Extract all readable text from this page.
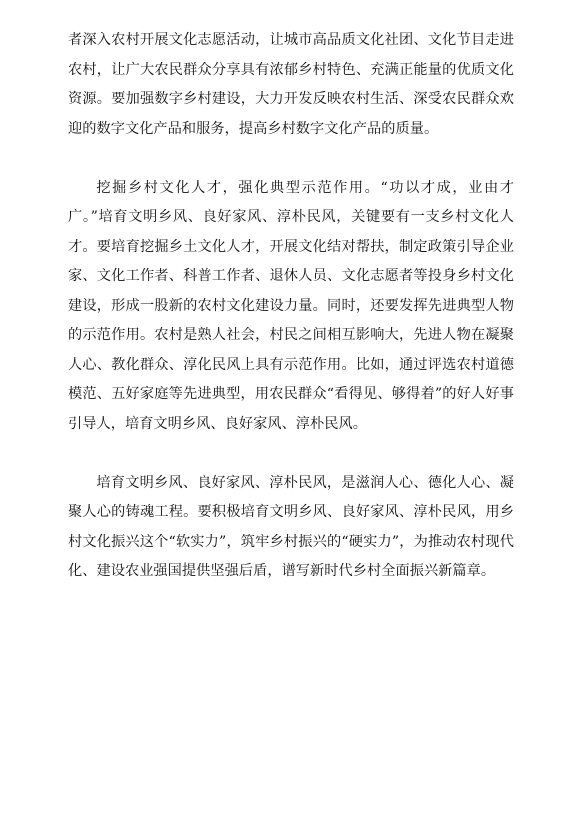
者深入农村开展文化志愿活动，让城市高品质文化社团、文化节目走进农村，让广大农民群众分享具有浓郁乡村特色、充满正能量的优质文化资源。要加强数字乡村建设，大力开发反映农村生活、深受农民群众欢迎的数字文化产品和服务，提高乡村数字文化产品的质量。

挖掘乡村文化人才，强化典型示范作用。“功以才成，业由才广。”培育文明乡风、良好家风、淳朴民风，关键要有一支乡村文化人才。要培育挖掘乡土文化人才，开展文化结对帮扶，制定政策引导企业家、文化工作者、科普工作者、退休人员、文化志愿者等投身乡村文化建设，形成一股新的农村文化建设力量。同时，还要发挥先进典型人物的示范作用。农村是熟人社会，村民之间相互影响大，先进人物在凝聚人心、教化群众、淳化民风上具有示范作用。比如，通过评选农村道德模范、五好家庭等先进典型，用农民群众“看得见、够得着”的好人好事引导人，培育文明乡风、良好家风、淳朴民风。

培育文明乡风、良好家风、淳朴民风，是滋润人心、德化人心、凝聚人心的铸魂工程。要积极培育文明乡风、良好家风、淳朴民风，用乡村文化振兴这个“软实力”，筑牢乡村振兴的“硬实力”，为推动农村现代化、建设农业强国提供坚强后盾，谱写新时代乡村全面振兴新篇章。
